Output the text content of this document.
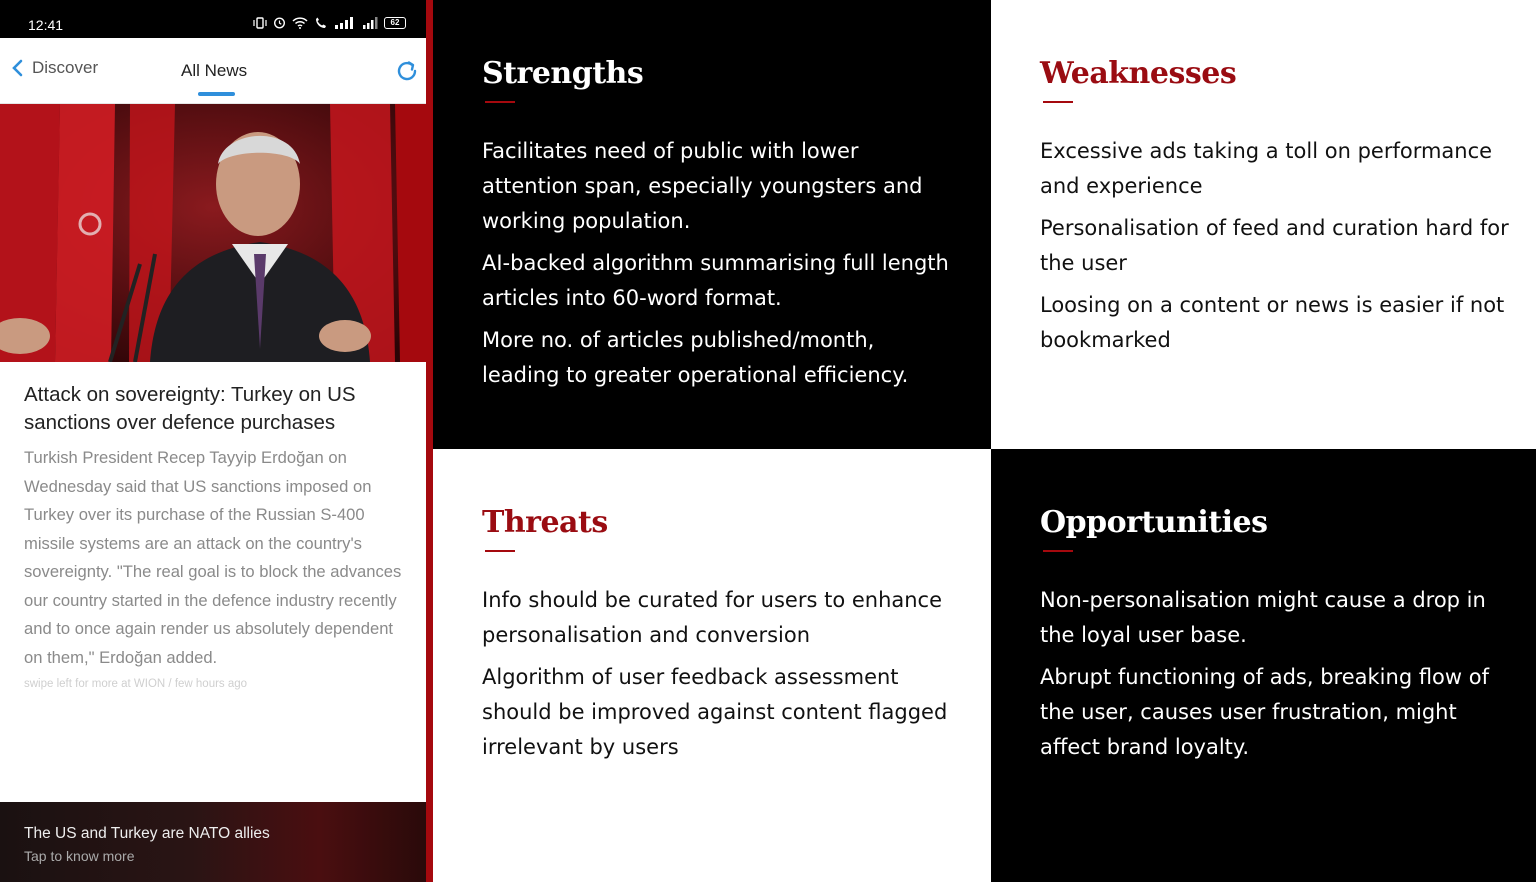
12:41	62
Discover	All News
Attack on sovereignty: Turkey on US sanctions over defence purchases
Turkish President Recep Tayyip Erdoğan on Wednesday said that US sanctions imposed on Turkey over its purchase of the Russian S-400 missile systems are an attack on the country's sovereignty. "The real goal is to block the advances our country started in the defence industry recently and to once again render us absolutely dependent on them," Erdoğan added.
swipe left for more at WION / few hours ago
The US and Turkey are NATO allies
Tap to know more
Strengths
Facilitates need of public with lower attention span, especially youngsters and working population.
AI-backed algorithm summarising full length articles into 60-word format.
More no. of articles published/month, leading to greater operational efficiency.
Weaknesses
Excessive ads taking a toll on performance and experience
Personalisation of feed and curation hard for the user
Loosing on a content or news is easier if not bookmarked
Threats
Info should be curated for users to enhance personalisation and conversion
Algorithm of user feedback assessment should be improved against content flagged irrelevant by users
Opportunities
Non-personalisation might cause a drop in the loyal user base.
Abrupt functioning of ads, breaking flow of the user, causes user frustration, might affect brand loyalty.
